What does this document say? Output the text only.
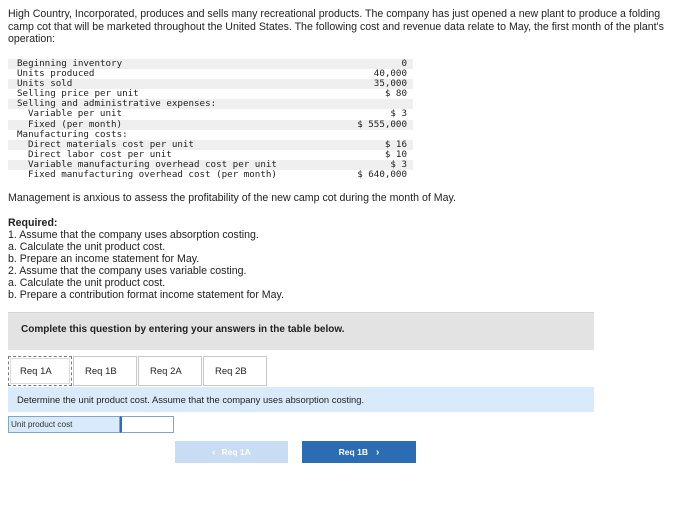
High Country, Incorporated, produces and sells many recreational products. The company has just opened a new plant to produce a folding camp cot that will be marketed throughout the United States. The following cost and revenue data relate to May, the first month of the plant's operation:

Beginning inventory	0
Units produced	40,000
Units sold	35,000
Selling price per unit	$ 80
Selling and administrative expenses:
Variable per unit	$ 3
Fixed (per month)	$ 555,000
Manufacturing costs:
Direct materials cost per unit	$ 16
Direct labor cost per unit	$ 10
Variable manufacturing overhead cost per unit	$ 3
Fixed manufacturing overhead cost (per month)	$ 640,000

Management is anxious to assess the profitability of the new camp cot during the month of May.

Required:
1. Assume that the company uses absorption costing.
a. Calculate the unit product cost.
b. Prepare an income statement for May.
2. Assume that the company uses variable costing.
a. Calculate the unit product cost.
b. Prepare a contribution format income statement for May.
Complete this question by entering your answers in the table below.
Req 1A	Req 1B	Req 2A	Req 2B
Determine the unit product cost. Assume that the company uses absorption costing.
Unit product cost
‹ Req 1A	Req 1B ›
